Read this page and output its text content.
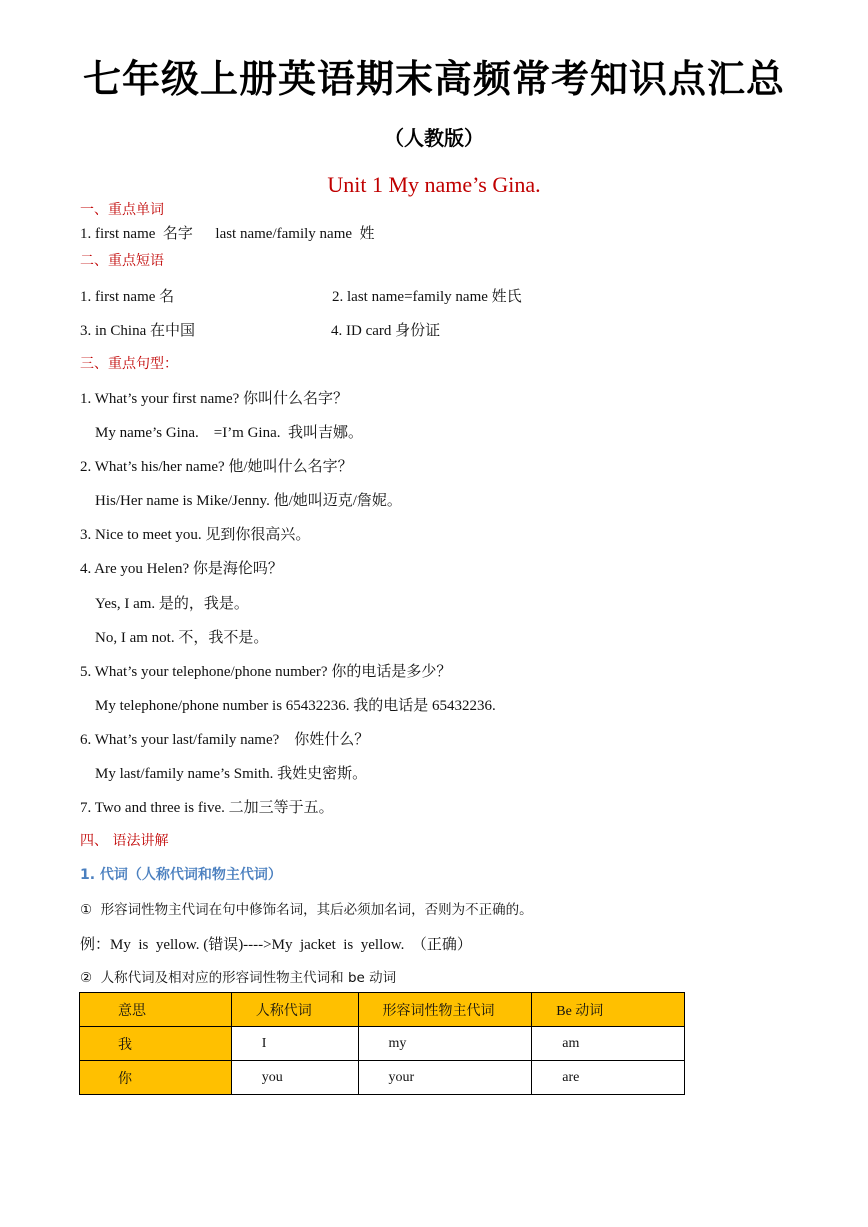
七年级上册英语期末高频常考知识点汇总
（人教版）
Unit 1 My name’s Gina.
一、重点单词
1. first name  名字      last name/family name  姓
二、重点短语
1. first name 名	2. last name=family name 姓氏
3. in China 在中国	4. ID card 身份证
三、重点句型：
1. What’s your first name? 你叫什么名字？
My name’s Gina.    =I’m Gina.  我叫吉娜。
2. What’s his/her name? 他/她叫什么名字？
His/Her name is Mike/Jenny. 他/她叫迈克/詹妮。
3. Nice to meet you. 见到你很高兴。
4. Are you Helen? 你是海伦吗？
Yes, I am. 是的，我是。
No, I am not. 不，我不是。
5. What’s your telephone/phone number? 你的电话是多少？
My telephone/phone number is 65432236. 我的电话是 65432236.
6. What’s your last/family name?    你姓什么？
My last/family name’s Smith. 我姓史密斯。
7. Two and three is five. 二加三等于五。
四、 语法讲解
1. 代词（人称代词和物主代词）
①  形容词性物主代词在句中修饰名词，其后必须加名词，否则为不正确的。
例：My  is  yellow. (错误)---->My  jacket  is  yellow.  （正确）
②  人称代词及相对应的形容词性物主代词和 be 动词
意思	人称代词	形容词性物主代词	Be 动词
我	I	my	am
你	you	your	are
